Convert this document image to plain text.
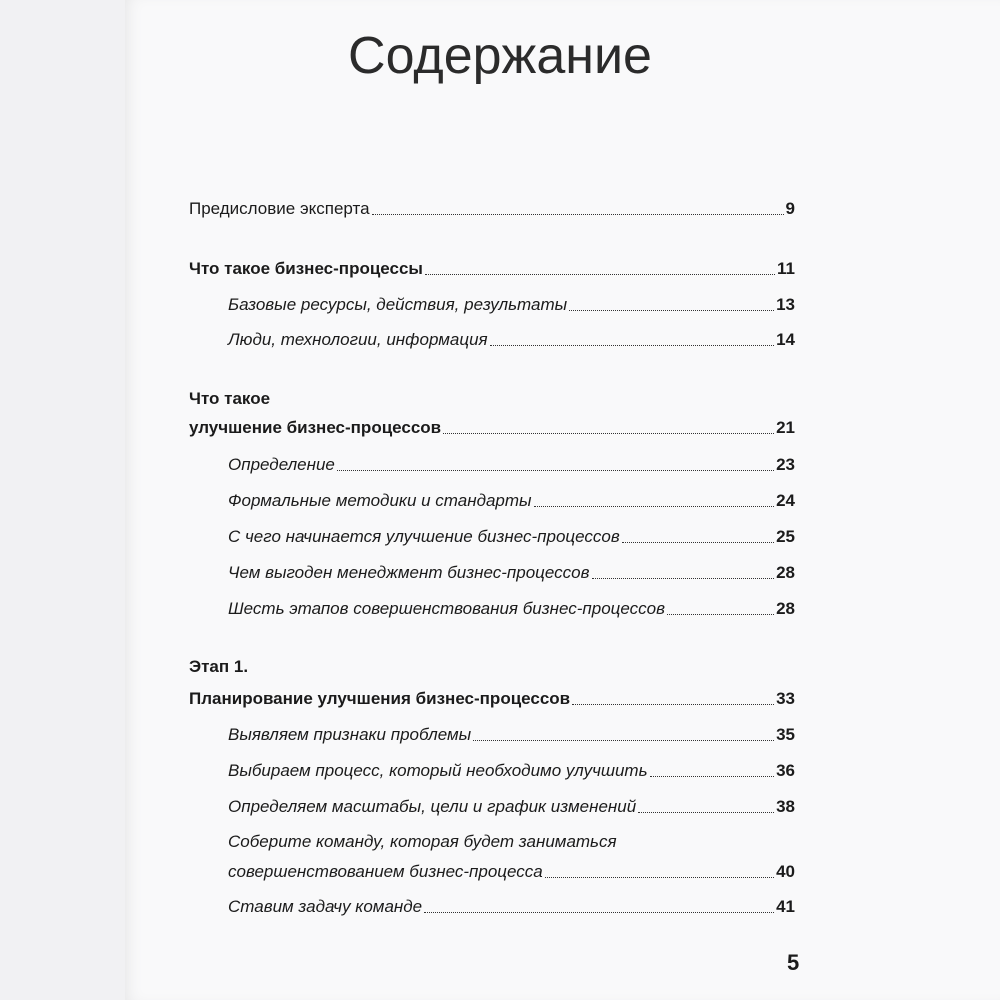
Содержание
Предисловие эксперта	9
Что такое бизнес-процессы	11
Базовые ресурсы, действия, результаты	13
Люди, технологии, информация	14
Что такое
улучшение бизнес-процессов	21
Определение	23
Формальные методики и стандарты	24
С чего начинается улучшение бизнес-процессов	25
Чем выгоден менеджмент бизнес-процессов	28
Шесть этапов совершенствования бизнес-процессов	28
Этап 1.
Планирование улучшения бизнес-процессов	33
Выявляем признаки проблемы	35
Выбираем процесс, который необходимо улучшить	36
Определяем масштабы, цели и график изменений	38
Соберите команду, которая будет заниматься
совершенствованием бизнес-процесса	40
Ставим задачу команде	41
5
